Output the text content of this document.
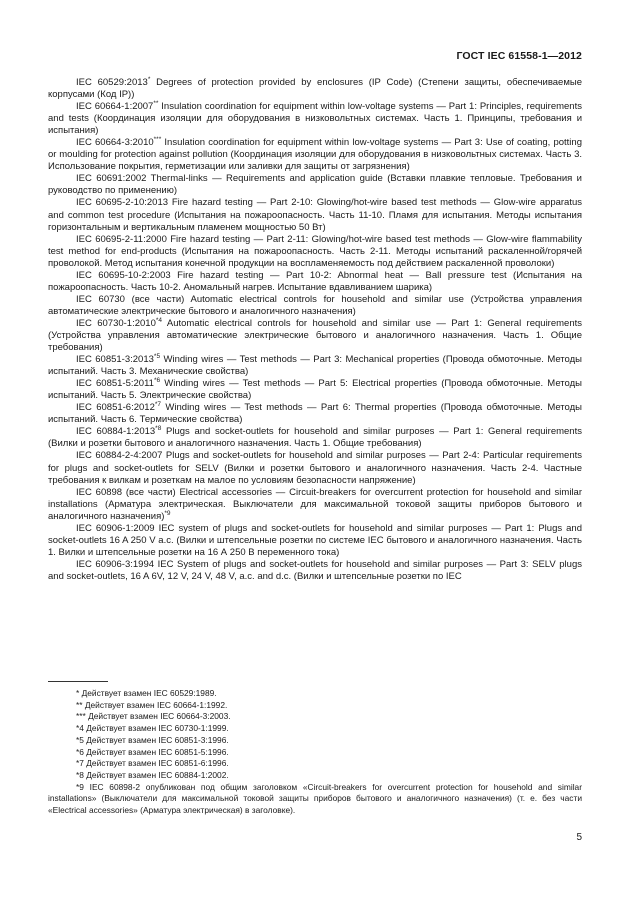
ГОСТ IEC 61558-1—2012

IEC 60529:2013* Degrees of protection provided by enclosures (IP Code) (Степени защиты, обеспечиваемые корпусами (Код IP))

IEC 60664-1:2007** Insulation coordination for equipment within low-voltage systems — Part 1: Principles, requirements and tests (Координация изоляции для оборудования в низковольтных системах. Часть 1. Принципы, требования и испытания)

IEC 60664-3:2010*** Insulation coordination for equipment within low-voltage systems — Part 3: Use of coating, potting or moulding for protection against pollution (Координация изоляции для оборудования в низковольтных системах. Часть 3. Использование покрытия, герметизации или заливки для защиты от загрязнения)

IEC 60691:2002 Thermal-links — Requirements and application guide (Вставки плавкие тепловые. Требования и руководство по применению)

IEC 60695-2-10:2013 Fire hazard testing — Part 2-10: Glowing/hot-wire based test methods — Glow-wire apparatus and common test procedure (Испытания на пожароопасность. Часть 11-10. Пламя для испытания. Методы испытания горизонтальным и вертикальным пламенем мощностью 50 Вт)

IEC 60695-2-11:2000 Fire hazard testing — Part 2-11: Glowing/hot-wire based test methods — Glow-wire flammability test method for end-products (Испытания на пожароопасность. Часть 2-11. Методы испытаний раскаленной/горячей проволокой. Метод испытания конечной продукции на воспламеняемость под действием раскаленной проволоки)

IEC 60695-10-2:2003 Fire hazard testing — Part 10-2: Abnormal heat — Ball pressure test (Испытания на пожароопасность. Часть 10-2. Аномальный нагрев. Испытание вдавливанием шарика)

IEC 60730 (все части) Automatic electrical controls for household and similar use (Устройства управления автоматические электрические бытового и аналогичного назначения)

IEC 60730-1:2010$^{*4}$ Automatic electrical controls for household and similar use — Part 1: General requirements (Устройства управления автоматические электрические бытового и аналогичного назначения. Часть 1. Общие требования)

IEC 60851-3:2013$^{*5}$ Winding wires — Test methods — Part 3: Mechanical properties (Провода обмоточные. Методы испытаний. Часть 3. Механические свойства)

IEC 60851-5:2011$^{*6}$ Winding wires — Test methods — Part 5: Electrical properties (Провода обмоточные. Методы испытаний. Часть 5. Электрические свойства)

IEC 60851-6:2012$^{*7}$ Winding wires — Test methods — Part 6: Thermal properties (Провода обмоточные. Методы испытаний. Часть 6. Термические свойства)

IEC 60884-1:2013$^{*8}$ Plugs and socket-outlets for household and similar purposes — Part 1: General requirements (Вилки и розетки бытового и аналогичного назначения. Часть 1. Общие требования)

IEC 60884-2-4:2007 Plugs and socket-outlets for household and similar purposes — Part 2-4: Particular requirements for plugs and socket-outlets for SELV (Вилки и розетки бытового и аналогичного назначения. Часть 2-4. Частные требования к вилкам и розеткам на малое по условиям безопасности напряжение)

IEC 60898 (все части) Electrical accessories — Circuit-breakers for overcurrent protection for household and similar installations (Арматура электрическая. Выключатели для максимальной токовой защиты приборов бытового и аналогичного назначения)$^{*9}$

IEC 60906-1:2009 IEC system of plugs and socket-outlets for household and similar purposes — Part 1: Plugs and socket-outlets 16 A 250 V a.c. (Вилки и штепсельные розетки по системе IEC бытового и аналогичного назначения. Часть 1. Вилки и штепсельные розетки на 16 А 250 В переменного тока)

IEC 60906-3:1994 IEC System of plugs and socket-outlets for household and similar purposes — Part 3: SELV plugs and socket-outlets, 16 A 6V, 12 V, 24 V, 48 V, a.c. and d.c. (Вилки и штепсельные розетки по IEC

* Действует взамен IEC 60529:1989.

** Действует взамен IEC 60664-1:1992.

*** Действует взамен IEC 60664-3:2003.

*4 Действует взамен IEC 60730-1:1999.

*5 Действует взамен IEC 60851-3:1996.

*6 Действует взамен IEC 60851-5:1996.

*7 Действует взамен IEC 60851-6:1996.

*8 Действует взамен IEC 60884-1:2002.

*9 IEC 60898-2 опубликован под общим заголовком «Circuit-breakers for overcurrent protection for household and similar installations» (Выключатели для максимальной токовой защиты приборов бытового и аналогичного назначения) (т. е. без части «Electrical accessories» (Арматура электрическая) в заголовке).

5
